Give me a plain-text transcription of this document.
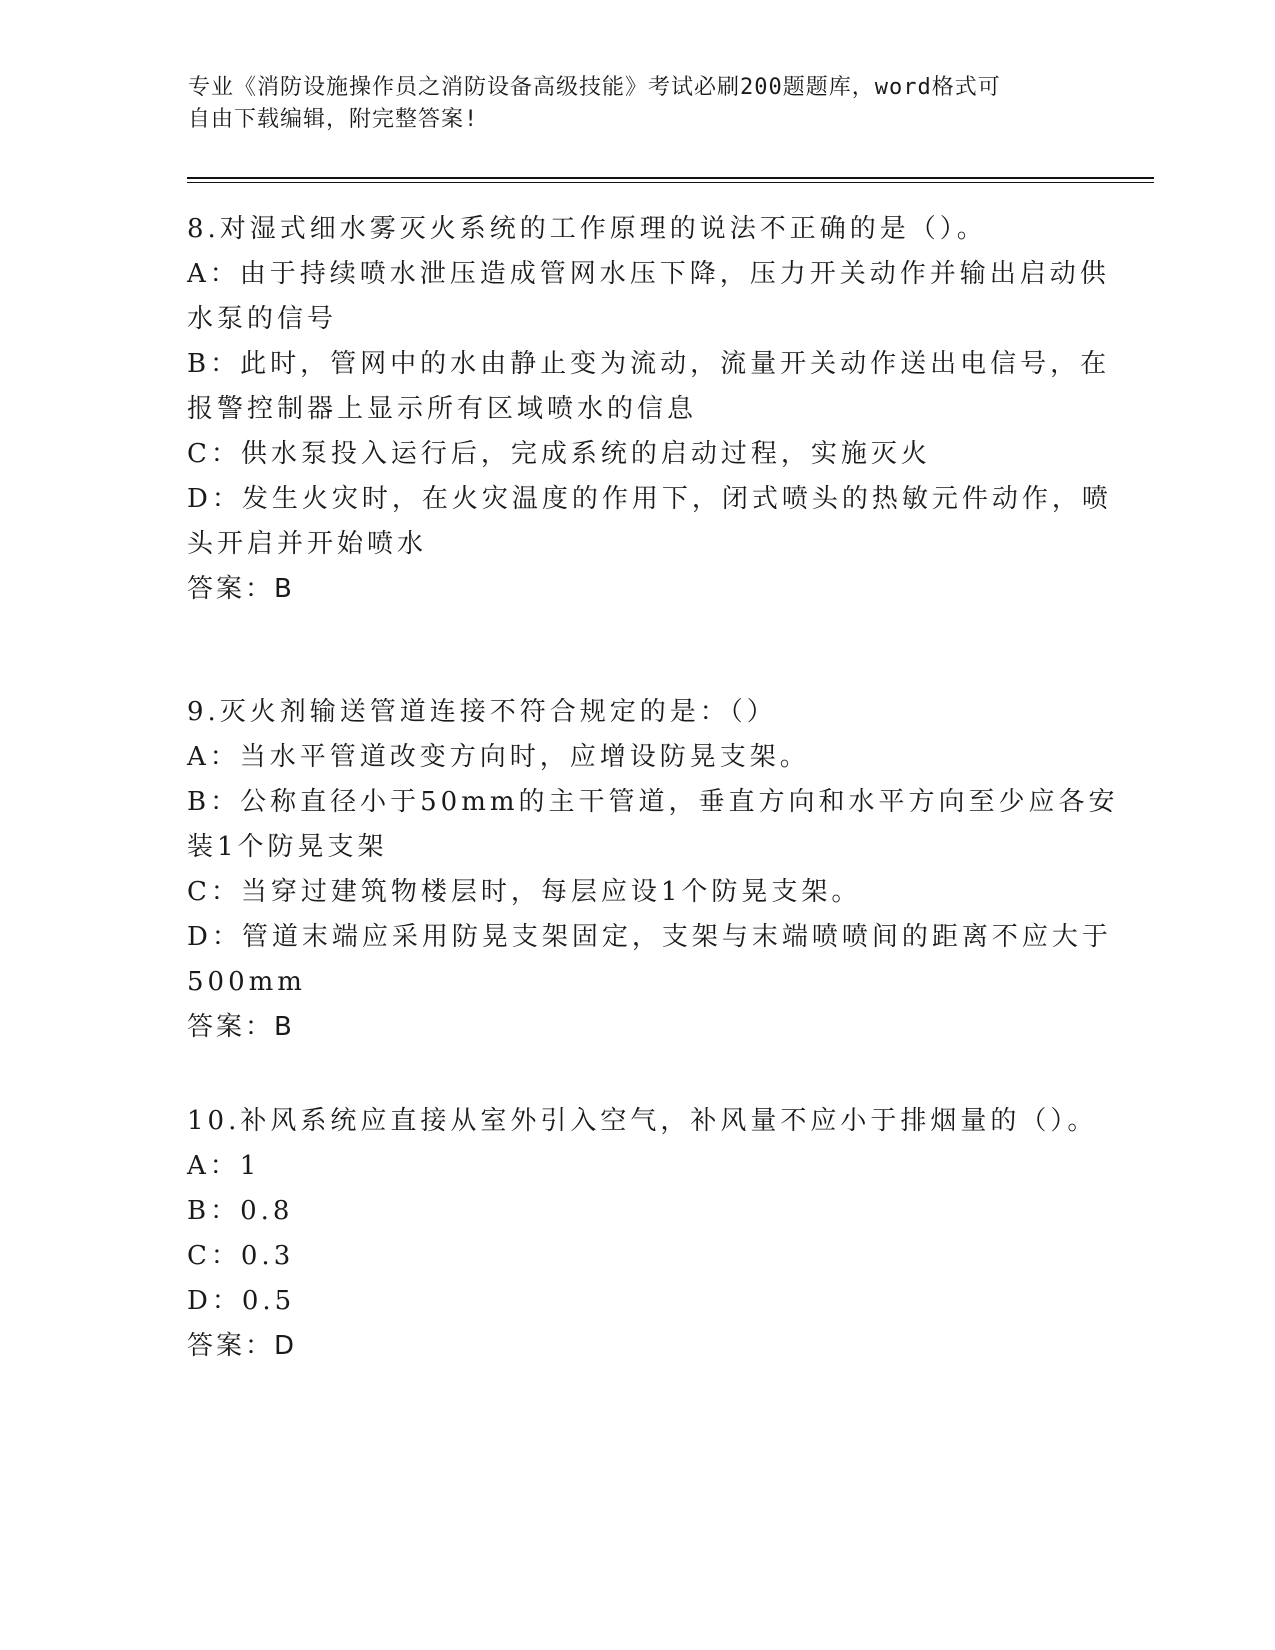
专业《消防设施操作员之消防设备高级技能》考试必刷200题题库，word格式可
自由下载编辑，附完整答案!
8.对湿式细水雾灭火系统的工作原理的说法不正确的是（）。
A：由于持续喷水泄压造成管网水压下降，压力开关动作并输出启动供
水泵的信号
B：此时，管网中的水由静止变为流动，流量开关动作送出电信号，在
报警控制器上显示所有区域喷水的信息
C：供水泵投入运行后，完成系统的启动过程，实施灭火
D：发生火灾时，在火灾温度的作用下，闭式喷头的热敏元件动作，喷
头开启并开始喷水
答案：B
9.灭火剂输送管道连接不符合规定的是：（）
A：当水平管道改变方向时，应增设防晃支架。
B：公称直径小于50mm的主干管道，垂直方向和水平方向至少应各安
装1个防晃支架
C：当穿过建筑物楼层时，每层应设1个防晃支架。
D：管道末端应采用防晃支架固定，支架与末端喷喷间的距离不应大于
500mm
答案：B
10.补风系统应直接从室外引入空气，补风量不应小于排烟量的（）。
A：1
B：0.8
C：0.3
D：0.5
答案：D
